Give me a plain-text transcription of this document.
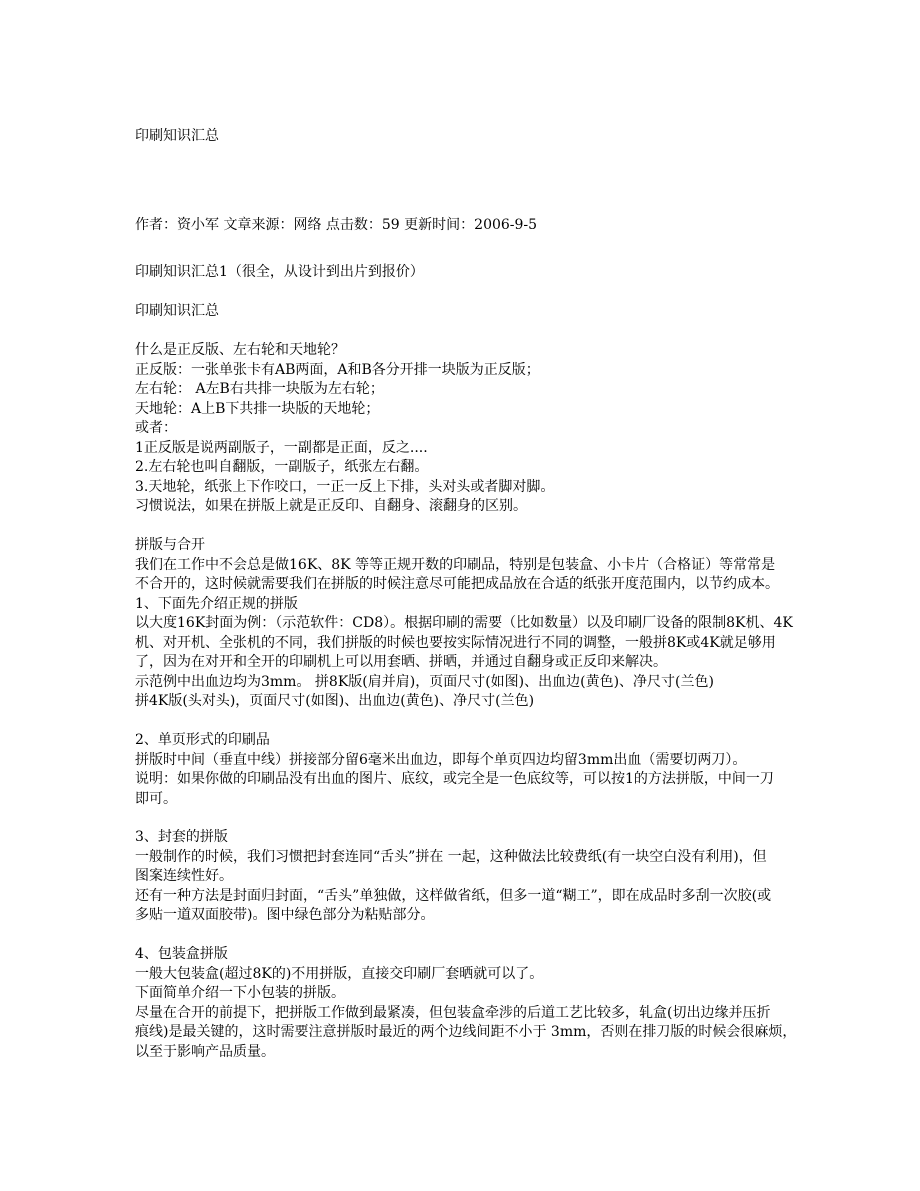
印刷知识汇总
作者：资小军 文章来源：网络 点击数：59 更新时间：2006-9-5
印刷知识汇总1（很全，从设计到出片到报价）
印刷知识汇总
什么是正反版、左右轮和天地轮？
正反版：一张单张卡有AB两面，A和B各分开排一块版为正反版；
左右轮： A左B右共排一块版为左右轮；
天地轮：A上B下共排一块版的天地轮；
或者：
1正反版是说两副版子，一副都是正面，反之....
2.左右轮也叫自翻版，一副版子，纸张左右翻。
3.天地轮，纸张上下作咬口，一正一反上下排，头对头或者脚对脚。
习惯说法，如果在拼版上就是正反印、自翻身、滚翻身的区别。
拼版与合开
我们在工作中不会总是做16K、8K 等等正规开数的印刷品，特别是包装盒、小卡片（合格证）等常常是
不合开的，这时候就需要我们在拼版的时候注意尽可能把成品放在合适的纸张开度范围内，以节约成本。
1、下面先介绍正规的拼版
以大度16K封面为例：（示范软件：CD8）。根据印刷的需要（比如数量）以及印刷厂设备的限制8K机、4K
机、对开机、全张机的不同，我们拼版的时候也要按实际情况进行不同的调整，一般拼8K或4K就足够用
了，因为在对开和全开的印刷机上可以用套晒、拼晒，并通过自翻身或正反印来解决。
示范例中出血边均为3mm。 拼8K版(肩并肩)，页面尺寸(如图)、出血边(黄色)、净尺寸(兰色)
拼4K版(头对头)，页面尺寸(如图)、出血边(黄色)、净尺寸(兰色)
2、单页形式的印刷品
拼版时中间（垂直中线）拼接部分留6毫米出血边，即每个单页四边均留3mm出血（需要切两刀）。
说明：如果你做的印刷品没有出血的图片、底纹，或完全是一色底纹等，可以按1的方法拼版，中间一刀
即可。
3、封套的拼版
一般制作的时候，我们习惯把封套连同“舌头”拼在 一起，这种做法比较费纸(有一块空白没有利用)，但
图案连续性好。
还有一种方法是封面归封面，“舌头”单独做，这样做省纸，但多一道“糊工”，即在成品时多刮一次胶(或
多贴一道双面胶带)。图中绿色部分为粘贴部分。
4、包装盒拼版
一般大包装盒(超过8K的)不用拼版，直接交印刷厂套晒就可以了。
下面简单介绍一下小包装的拼版。
尽量在合开的前提下，把拼版工作做到最紧凑，但包装盒牵涉的后道工艺比较多，轧盒(切出边缘并压折
痕线)是最关键的，这时需要注意拼版时最近的两个边线间距不小于 3mm，否则在排刀版的时候会很麻烦，
以至于影响产品质量。
